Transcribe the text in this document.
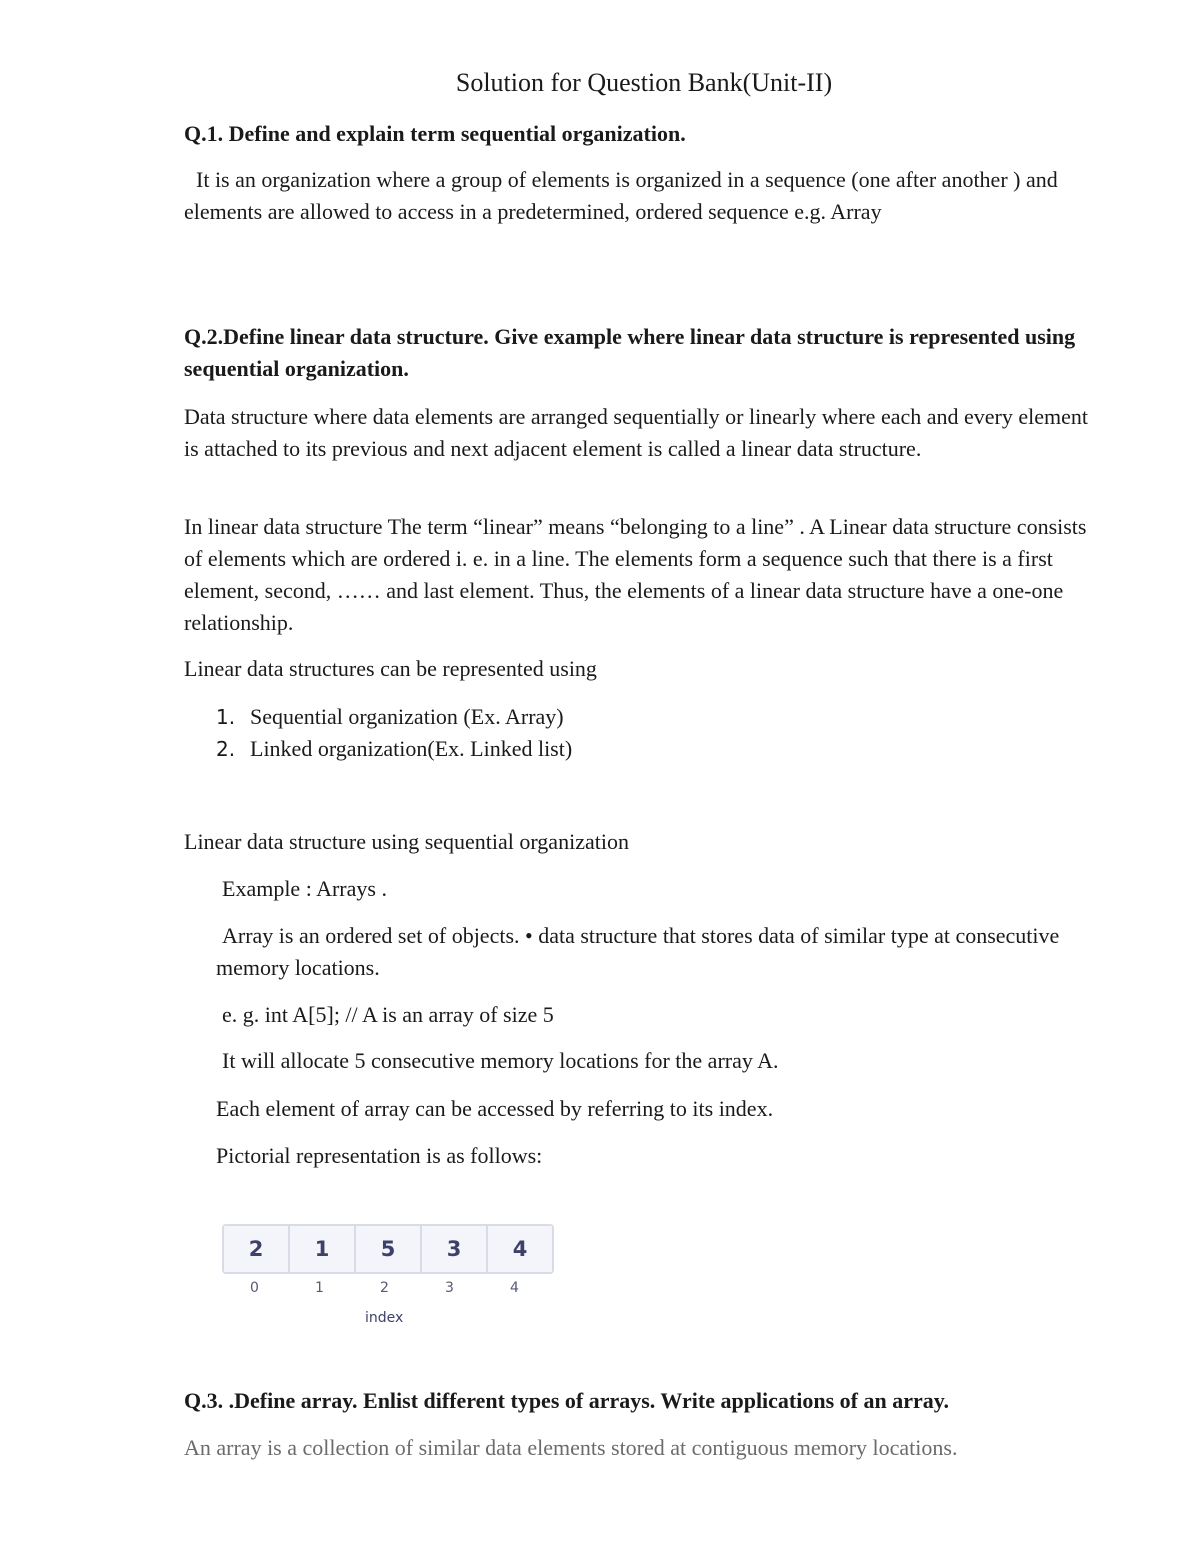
Solution for Question Bank(Unit-II)

Q.1. Define and explain term sequential organization.

It is an organization where a group of elements is organized in a sequence (one after another ) and elements are allowed to access in a predetermined, ordered sequence e.g. Array

Q.2.Define linear data structure. Give example where linear data structure is represented using sequential organization.

Data structure where data elements are arranged sequentially or linearly where each and every element is attached to its previous and next adjacent element is called a linear data structure.

In linear data structure The term “linear” means “belonging to a line” . A Linear data structure consists of elements which are ordered i. e. in a line. The elements form a sequence such that there is a first element, second, …… and last element. Thus, the elements of a linear data structure have a one-one relationship.

Linear data structures can be represented using

1. Sequential organization (Ex. Array)
2. Linked organization(Ex. Linked list)

Linear data structure using sequential organization

Example : Arrays .

Array is an ordered set of objects. • data structure that stores data of similar type at consecutive memory locations.

e. g. int A[5]; // A is an array of size 5

It will allocate 5 consecutive memory locations for the array A.

Each element of array can be accessed by referring to its index.

Pictorial representation is as follows:

Q.3. .Define array. Enlist different types of arrays. Write applications of an array.

An array is a collection of similar data elements stored at contiguous memory locations.

2	1	5	3	4
0	1	2	3	4
index
